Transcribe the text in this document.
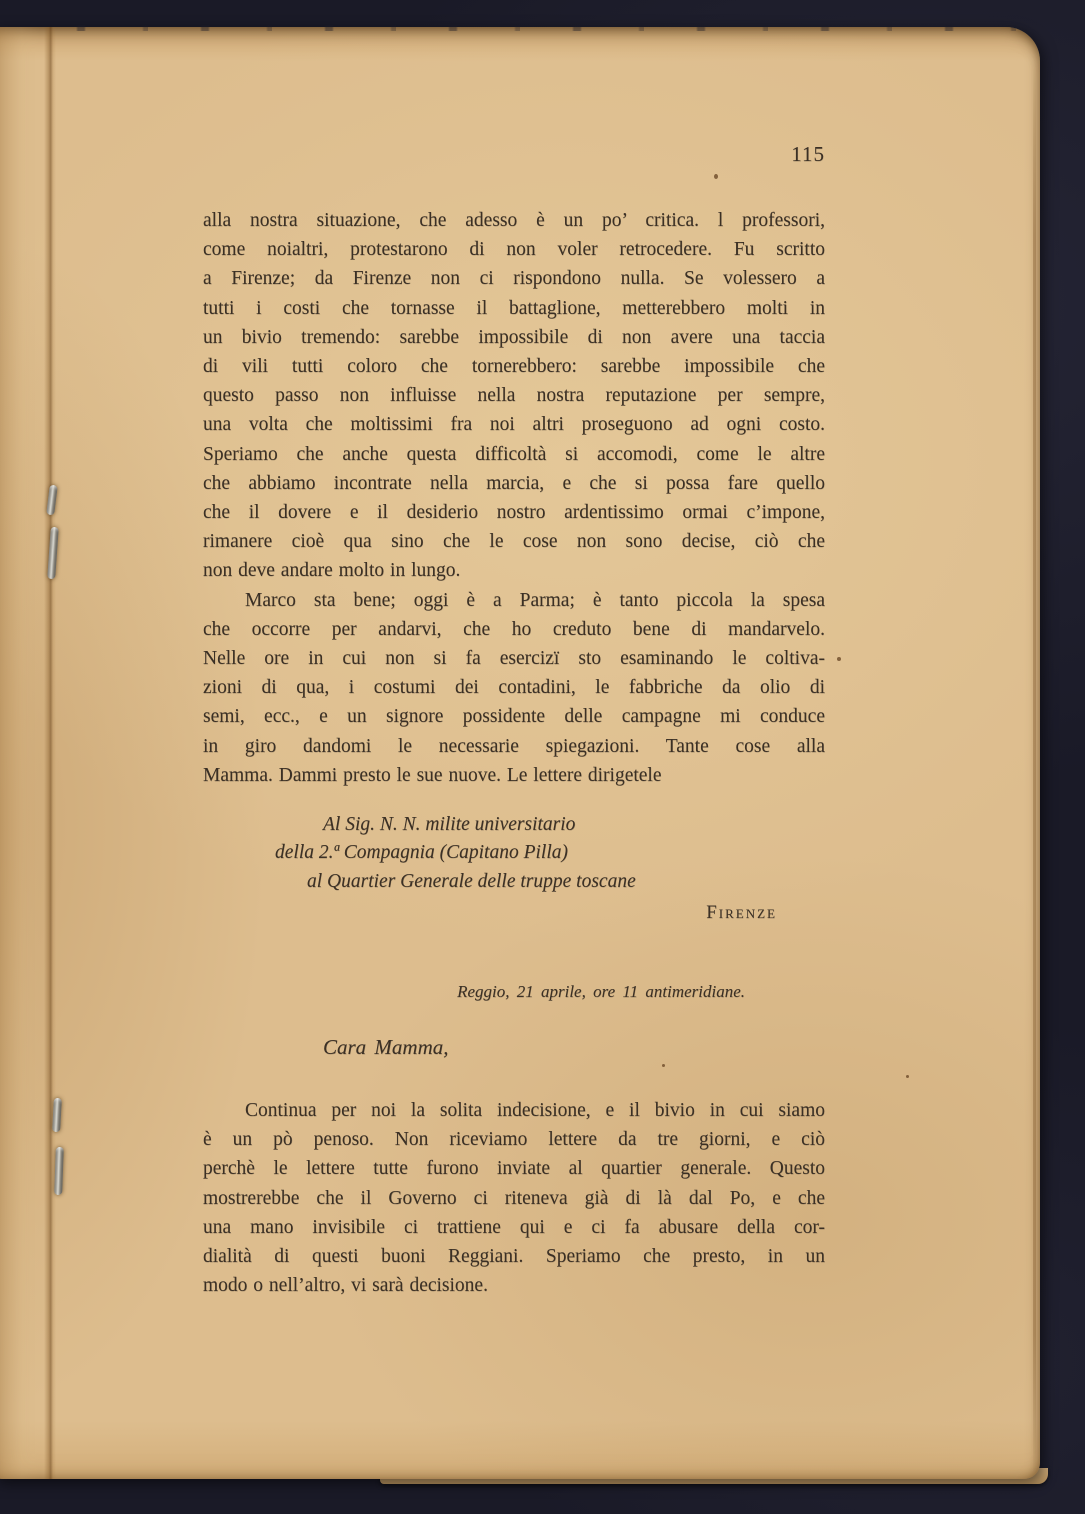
115
alla nostra situazione, che adesso è un po’ critica. l professori,
come noialtri, protestarono di non voler retrocedere. Fu scritto
a Firenze; da Firenze non ci rispondono nulla. Se volessero a
tutti i costi che tornasse il battaglione, metterebbero molti in
un bivio tremendo: sarebbe impossibile di non avere una taccia
di vili tutti coloro che tornerebbero: sarebbe impossibile che
questo passo non influisse nella nostra reputazione per sempre,
una volta che moltissimi fra noi altri proseguono ad ogni costo.
Speriamo che anche questa difficoltà si accomodi, come le altre
che abbiamo incontrate nella marcia, e che si possa fare quello
che il dovere e il desiderio nostro ardentissimo ormai c’impone,
rimanere cioè qua sino che le cose non sono decise, ciò che
non deve andare molto in lungo.
Marco sta bene; oggi è a Parma; è tanto piccola la spesa
che occorre per andarvi, che ho creduto bene di mandarvelo.
Nelle ore in cui non si fa esercizï sto esaminando le coltiva-
zioni di qua, i costumi dei contadini, le fabbriche da olio di
semi, ecc., e un signore possidente delle campagne mi conduce
in giro dandomi le necessarie spiegazioni. Tante cose alla
Mamma. Dammi presto le sue nuove. Le lettere dirigetele
Al Sig. N. N. milite universitario
della 2.ª Compagnia (Capitano Pilla)
al Quartier Generale delle truppe toscane
Firenze
Reggio, 21 aprile, ore 11 antimeridiane.
Cara Mamma,
Continua per noi la solita indecisione, e il bivio in cui siamo
è un pò penoso. Non riceviamo lettere da tre giorni, e ciò
perchè le lettere tutte furono inviate al quartier generale. Questo
mostrerebbe che il Governo ci riteneva già di là dal Po, e che
una mano invisibile ci trattiene qui e ci fa abusare della cor-
dialità di questi buoni Reggiani. Speriamo che presto, in un
modo o nell’altro, vi sarà decisione.
